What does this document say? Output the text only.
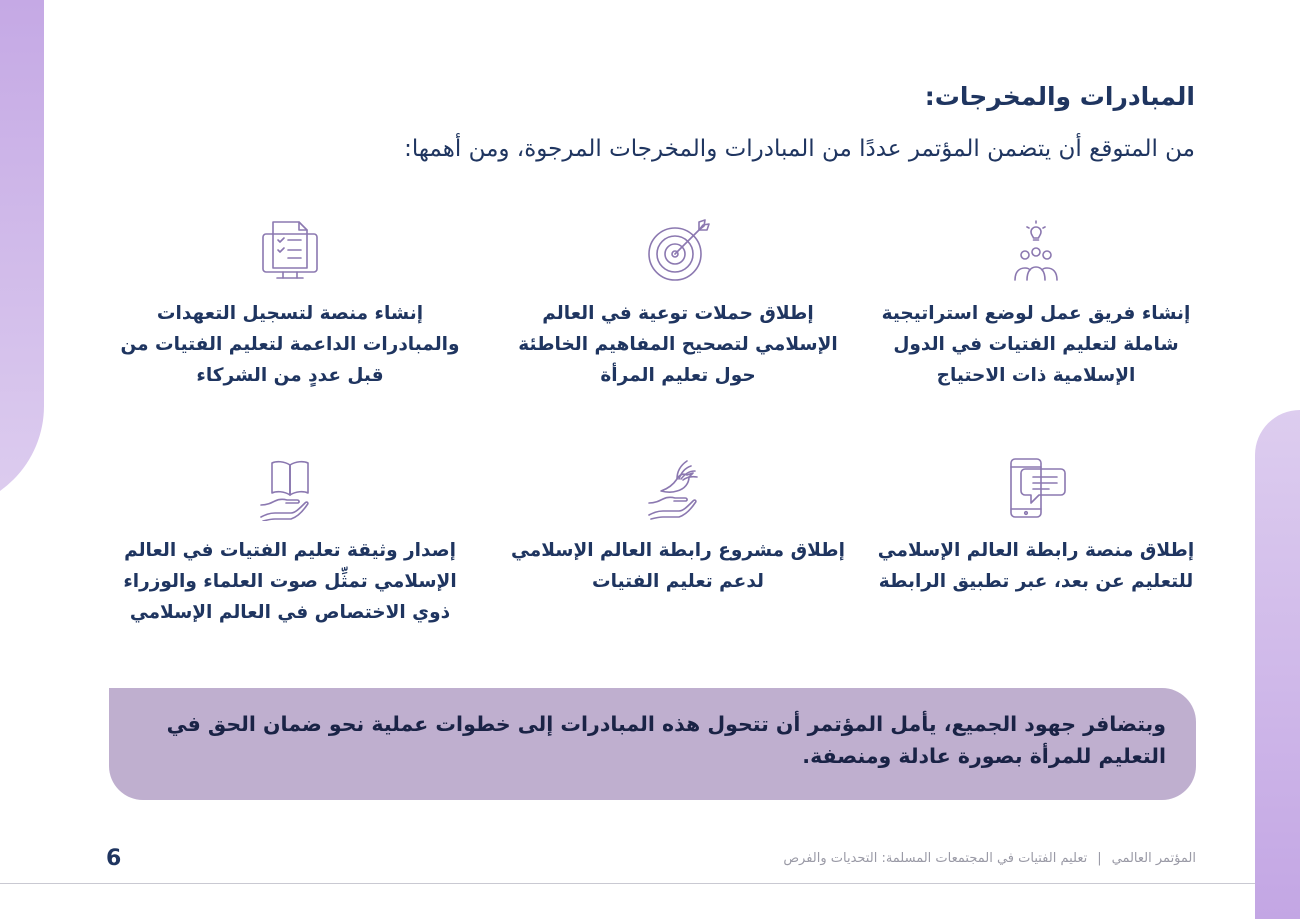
المبادرات والمخرجات:

من المتوقع أن يتضمن المؤتمر عددًا من المبادرات والمخرجات المرجوة، ومن أهمها:

إنشاء فريق عمل لوضع استراتيجية شاملة لتعليم الفتيات في الدول الإسلامية ذات الاحتياج
إطلاق حملات توعية في العالم الإسلامي لتصحيح المفاهيم الخاطئة حول تعليم المرأة
إنشاء منصة لتسجيل التعهدات والمبادرات الداعمة لتعليم الفتيات من قبل عددٍ من الشركاء
إطلاق منصة رابطة العالم الإسلامي للتعليم عن بعد، عبر تطبيق الرابطة
إطلاق مشروع رابطة العالم الإسلامي لدعم تعليم الفتيات
إصدار وثيقة تعليم الفتيات في العالم الإسلامي تمثِّل صوت العلماء والوزراء ذوي الاختصاص في العالم الإسلامي
وبتضافر جهود الجميع، يأمل المؤتمر أن تتحول هذه المبادرات إلى خطوات عملية نحو ضمان الحق في التعليم للمرأة بصورة عادلة ومنصفة.
6	المؤتمر العالمي|تعليم الفتيات في المجتمعات المسلمة: التحديات والفرص
